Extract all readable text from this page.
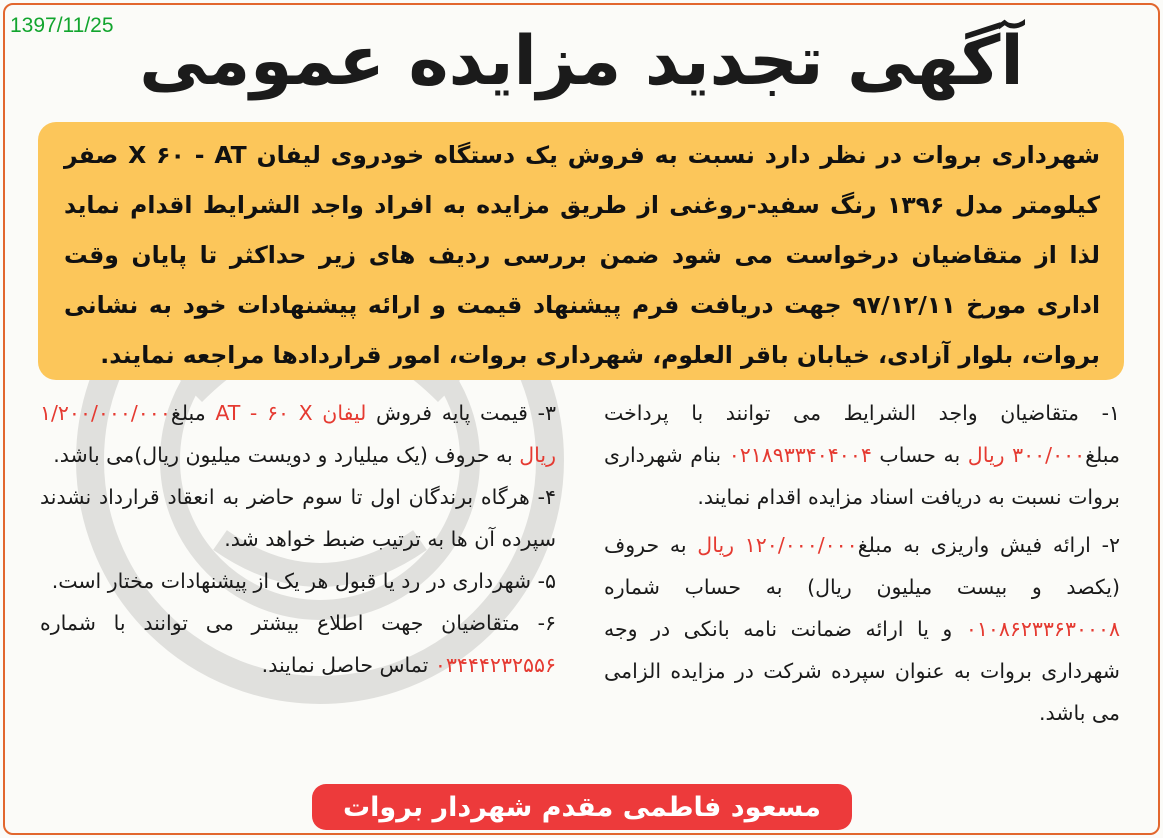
1397/11/25 آگهی تجدید مزایده عمومی
شهرداری بروات در نظر دارد نسبت به فروش یک دستگاه خودروی لیفان X ۶۰ - AT صفر کیلومتر مدل ۱۳۹۶ رنگ سفید-روغنی از طریق مزایده به افراد واجد الشرایط اقدام نماید لذا از متقاضیان درخواست می شود ضمن بررسی ردیف های زیر حداکثر تا پایان وقت اداری مورخ ۹۷/۱۲/۱۱ جهت دریافت فرم پیشنهاد قیمت و ارائه پیشنهادات خود به نشانی بروات، بلوار آزادی، خیابان باقر العلوم، شهرداری بروات، امور قراردادها مراجعه نمایند.

۱- متقاضیان واجد الشرایط می توانند با پرداخت مبلغ۳۰۰/۰۰۰ ریال به حساب ۰۲۱۸۹۳۳۴۰۴۰۰۴ بنام شهرداری بروات نسبت به دریافت اسناد مزایده اقدام نمایند.

۲- ارائه فیش واریزی به مبلغ۱۲۰/۰۰۰/۰۰۰ ریال به حروف (یکصد و بیست میلیون ریال) به حساب شماره ۰۱۰۸۶۲۳۳۶۳۰۰۰۸ و یا ارائه ضمانت نامه بانکی در وجه شهرداری بروات به عنوان سپرده شرکت در مزایده الزامی می باشد.

۳- قیمت پایه فروش لیفان AT - ۶۰ X مبلغ۱/۲۰۰/۰۰۰/۰۰۰ ریال به حروف (یک میلیارد و دویست میلیون ریال)می باشد.

۴- هرگاه برندگان اول تا سوم حاضر به انعقاد قرارداد نشدند سپرده آن ها به ترتیب ضبط خواهد شد.

۵- شهرداری در رد یا قبول هر یک از پیشنهادات مختار است.

۶- متقاضیان جهت اطلاع بیشتر می توانند با شماره ۰۳۴۴۴۲۳۲۵۵۶ تماس حاصل نمایند.

مسعود فاطمی مقدم شهردار بروات
